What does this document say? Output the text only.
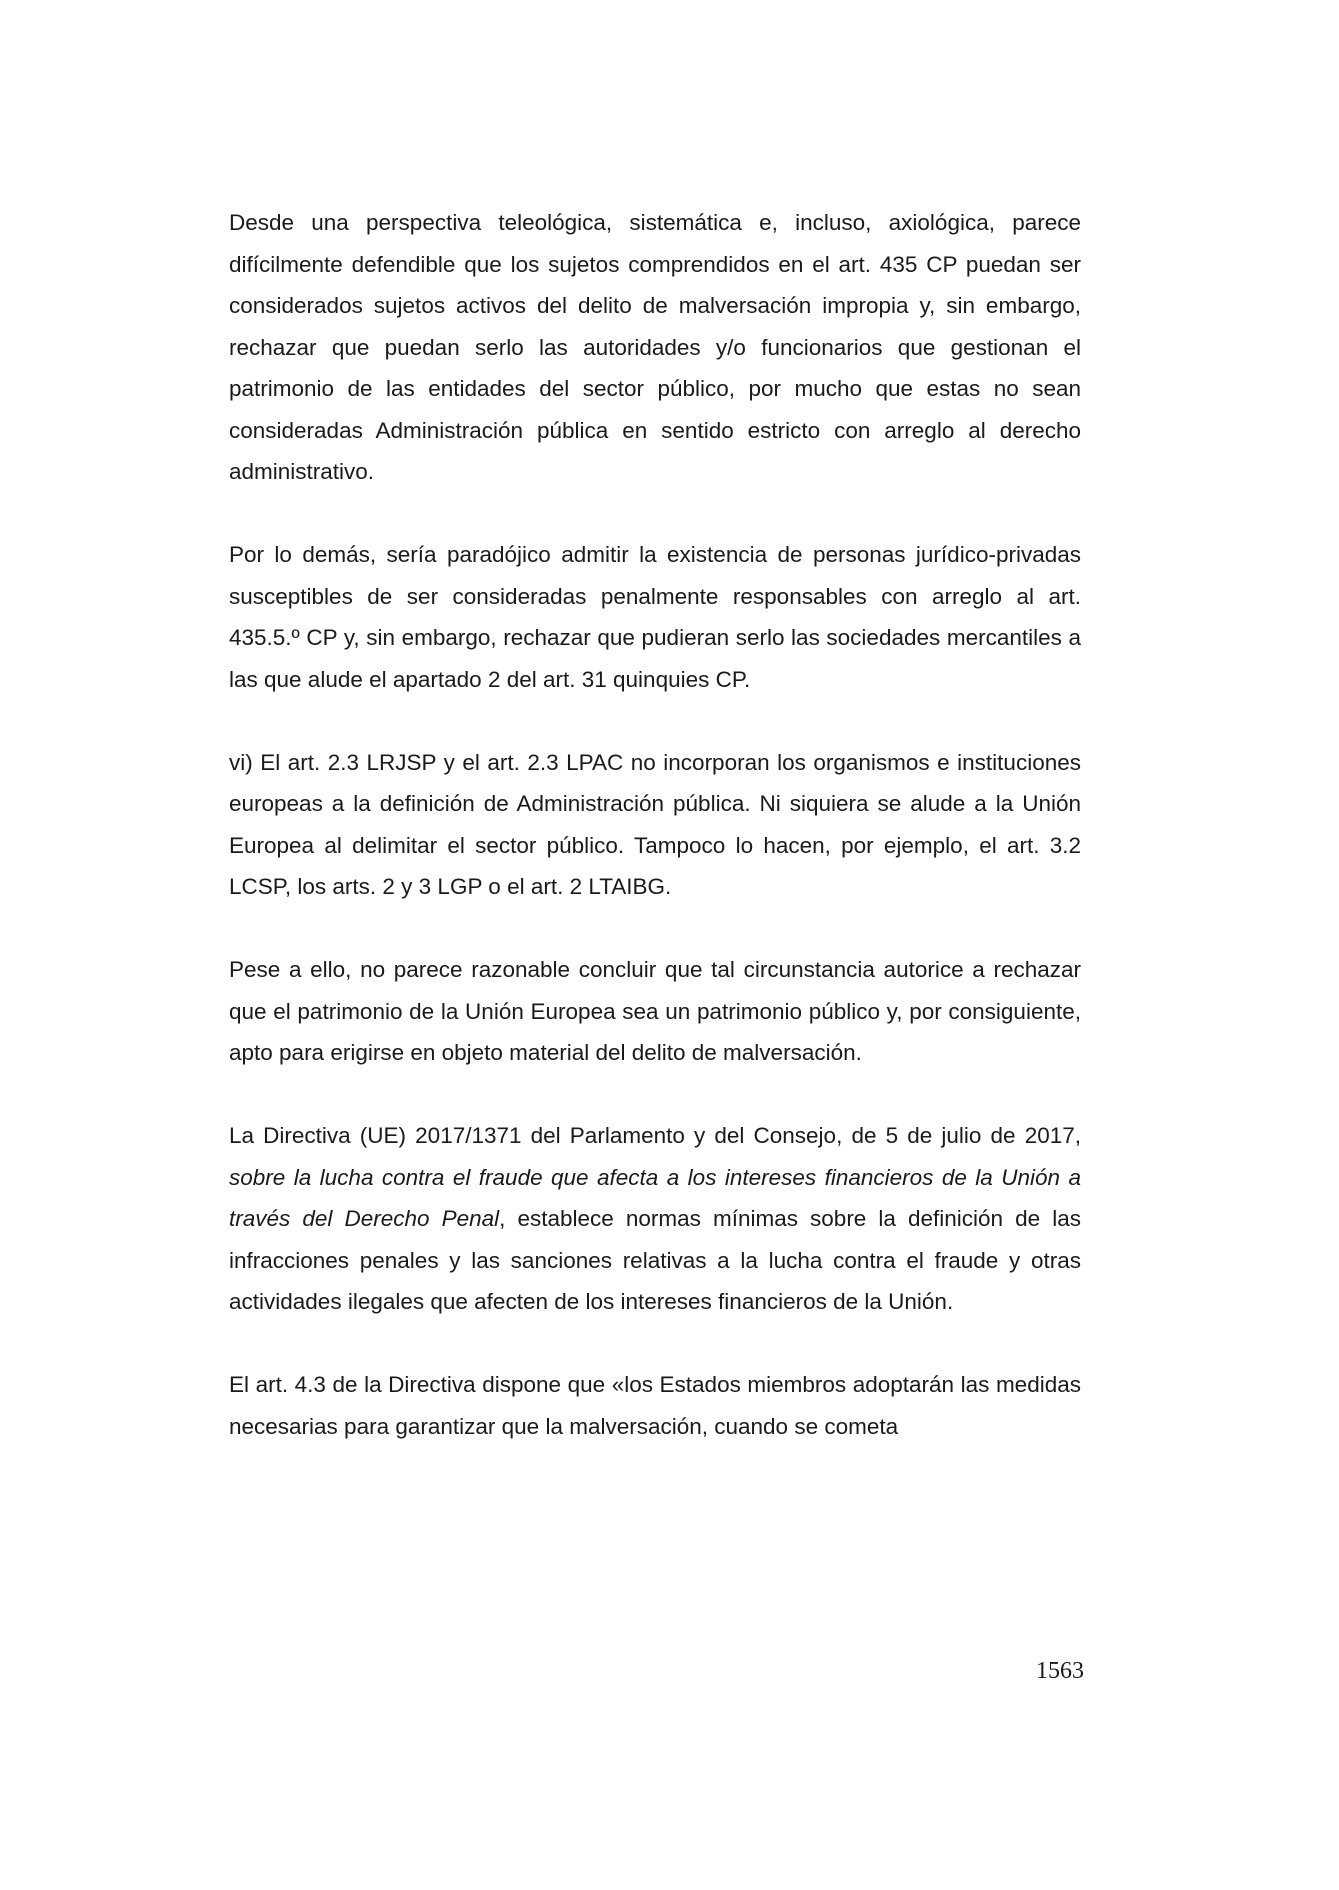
Desde una perspectiva teleológica, sistemática e, incluso, axiológica, parece difícilmente defendible que los sujetos comprendidos en el art. 435 CP puedan ser considerados sujetos activos del delito de malversación impropia y, sin embargo, rechazar que puedan serlo las autoridades y/o funcionarios que gestionan el patrimonio de las entidades del sector público, por mucho que estas no sean consideradas Administración pública en sentido estricto con arreglo al derecho administrativo.

Por lo demás, sería paradójico admitir la existencia de personas jurídico-privadas susceptibles de ser consideradas penalmente responsables con arreglo al art. 435.5.º CP y, sin embargo, rechazar que pudieran serlo las sociedades mercantiles a las que alude el apartado 2 del art. 31 quinquies CP.

vi) El art. 2.3 LRJSP y el art. 2.3 LPAC no incorporan los organismos e instituciones europeas a la definición de Administración pública. Ni siquiera se alude a la Unión Europea al delimitar el sector público. Tampoco lo hacen, por ejemplo, el art. 3.2 LCSP, los arts. 2 y 3 LGP o el art. 2 LTAIBG.

Pese a ello, no parece razonable concluir que tal circunstancia autorice a rechazar que el patrimonio de la Unión Europea sea un patrimonio público y, por consiguiente, apto para erigirse en objeto material del delito de malversación.

La Directiva (UE) 2017/1371 del Parlamento y del Consejo, de 5 de julio de 2017, sobre la lucha contra el fraude que afecta a los intereses financieros de la Unión a través del Derecho Penal, establece normas mínimas sobre la definición de las infracciones penales y las sanciones relativas a la lucha contra el fraude y otras actividades ilegales que afecten de los intereses financieros de la Unión.

El art. 4.3 de la Directiva dispone que «los Estados miembros adoptarán las medidas necesarias para garantizar que la malversación, cuando se cometa

1563
